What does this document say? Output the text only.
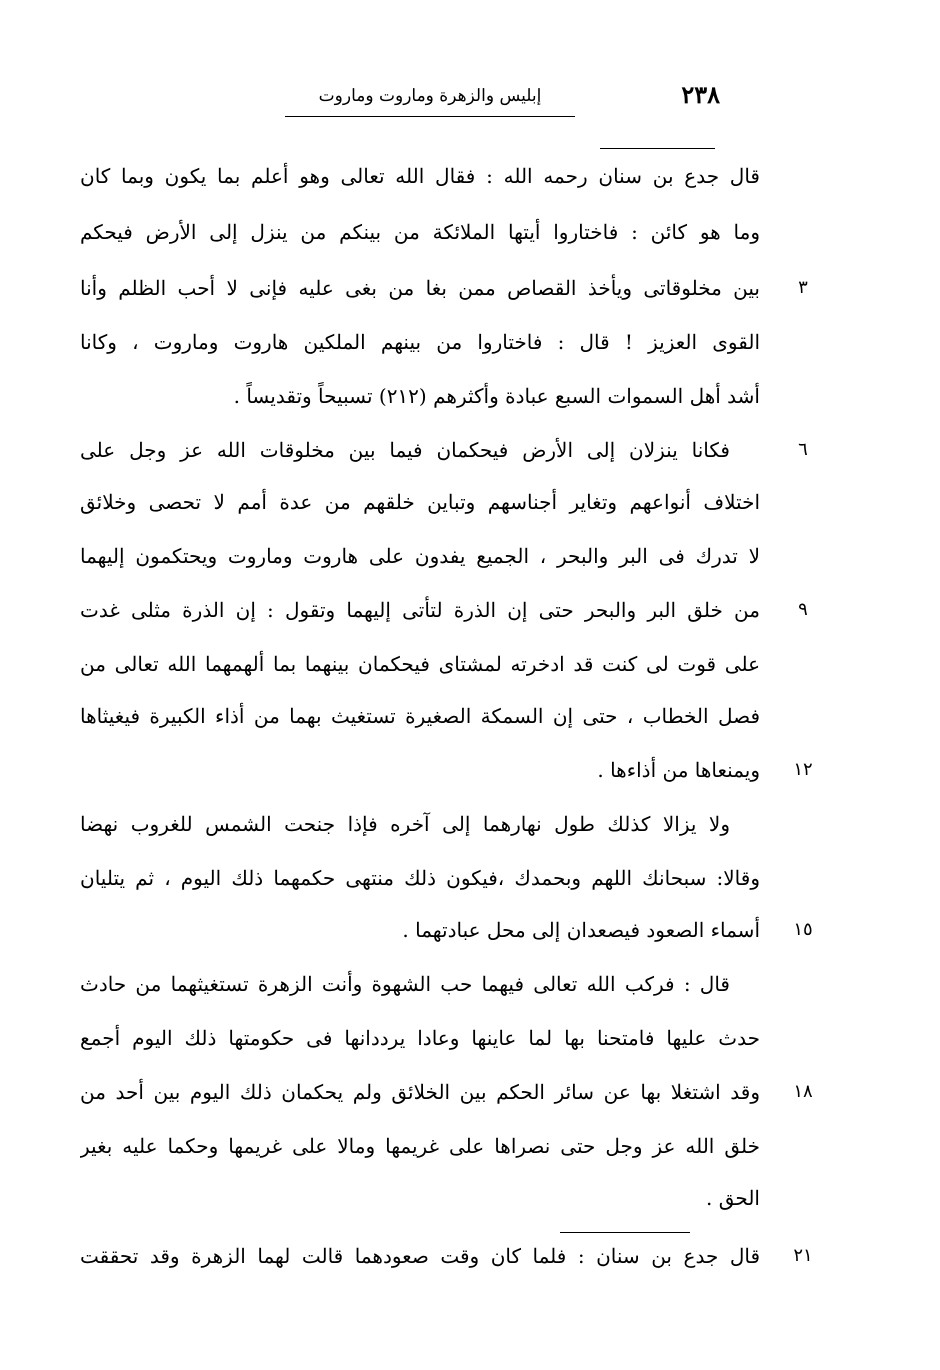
٢٣٨
إبليس والزهرة وماروت وماروت
قال جدع بن سنان رحمه الله : فقال الله تعالى وهو أعلم بما يكون وبما كان
وما هو كائن : فاختاروا أيتها الملائكة من بينكم من ينزل إلى الأرض فيحكم
بين مخلوقاتى ويأخذ القصاص ممن بغا من بغى عليه فإنى لا أحب الظلم وأنا
القوى العزيز ! قال : فاختاروا من بينهم الملكين هاروت وماروت ، وكانا
أشد أهل السموات السبع عبادة وأكثرهم (٢١٢) تسبيحاً وتقديساً .
فكانا ينزلان إلى الأرض فيحكمان فيما بين مخلوقات الله عز وجل على
اختلاف أنواعهم وتغاير أجناسهم وتباين خلقهم من عدة أمم لا تحصى وخلائق
لا تدرك فى البر والبحر ، الجميع يفدون على هاروت وماروت ويحتكمون إليهما
من خلق البر والبحر حتى إن الذرة لتأتى إليهما وتقول : إن الذرة مثلى غدت
على قوت لى كنت قد ادخرته لمشتاى فيحكمان بينهما بما ألهمهما الله تعالى من
فصل الخطاب ، حتى إن السمكة الصغيرة تستغيث بهما من أذاء الكبيرة فيغيثاها
ويمنعاها من أذاءها .
ولا يزالا كذلك طول نهارهما إلى آخره فإذا جنحت الشمس للغروب نهضا
وقالا: سبحانك اللهم وبحمدك ،فيكون ذلك منتهى حكمهما ذلك اليوم ، ثم يتليان
أسماء الصعود فيصعدان إلى محل عبادتهما .
قال : فركب الله تعالى فيهما حب الشهوة وأنت الزهرة تستغيثهما من حادث
حدث عليها فامتحنا بها لما عاينها وعادا يرددانها فى حكومتها ذلك اليوم أجمع
وقد اشتغلا بها عن سائر الحكم بين الخلائق ولم يحكمان ذلك اليوم بين أحد من
خلق الله عز وجل حتى نصراها على غريمها ومالا على غريمها وحكما عليه بغير
الحق .
قال جدع بن سنان : فلما كان وقت صعودهما قالت لهما الزهرة وقد تحققت
٣
٦
٩
١٢
١٥
١٨
٢١
